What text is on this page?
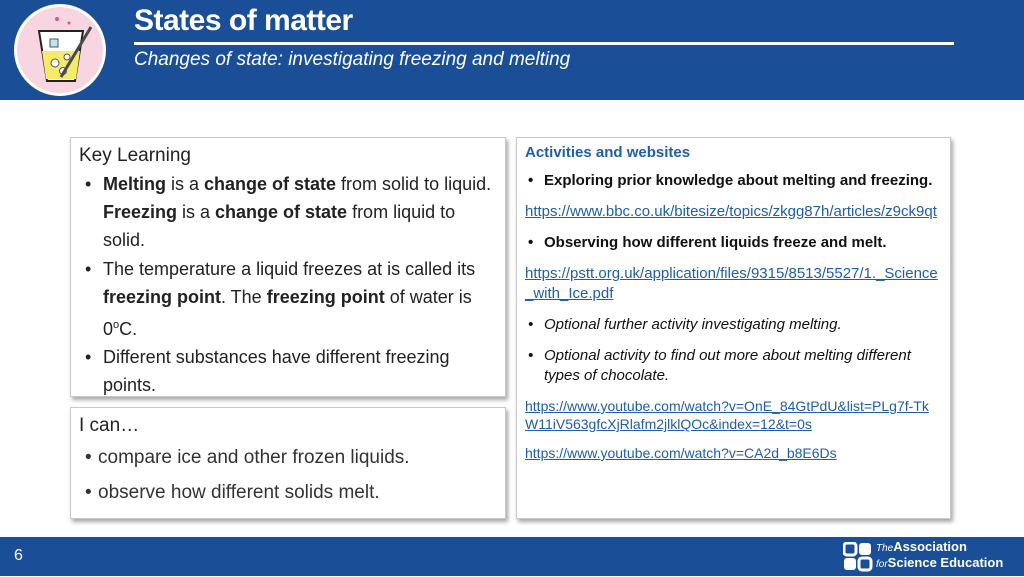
States of matter
Changes of state: investigating freezing and melting
Key Learning
• Melting is a change of state from solid to liquid. Freezing is a change of state from liquid to solid.
• The temperature a liquid freezes at is called its freezing point. The freezing point of water is 0$^o$C.
• Different substances have different freezing points.
I can…
• compare ice and other frozen liquids.
• observe how different solids melt.
Activities and websites
• Exploring prior knowledge about melting and freezing.
https://www.bbc.co.uk/bitesize/topics/zkgg87h/articles/z9ck9qt
• Observing how different liquids freeze and melt.
https://pstt.org.uk/application/files/9315/8513/5527/1._Science_with_Ice.pdf
• Optional further activity investigating melting.
• Optional activity to find out more about melting different types of chocolate.
https://www.youtube.com/watch?v=OnE_84GtPdU&list=PLg7f-TkW11iV563gfcXjRlafm2jlklQOc&index=12&t=0s
https://www.youtube.com/watch?v=CA2d_b8E6Ds
6	TheAssociation
forScience Education
